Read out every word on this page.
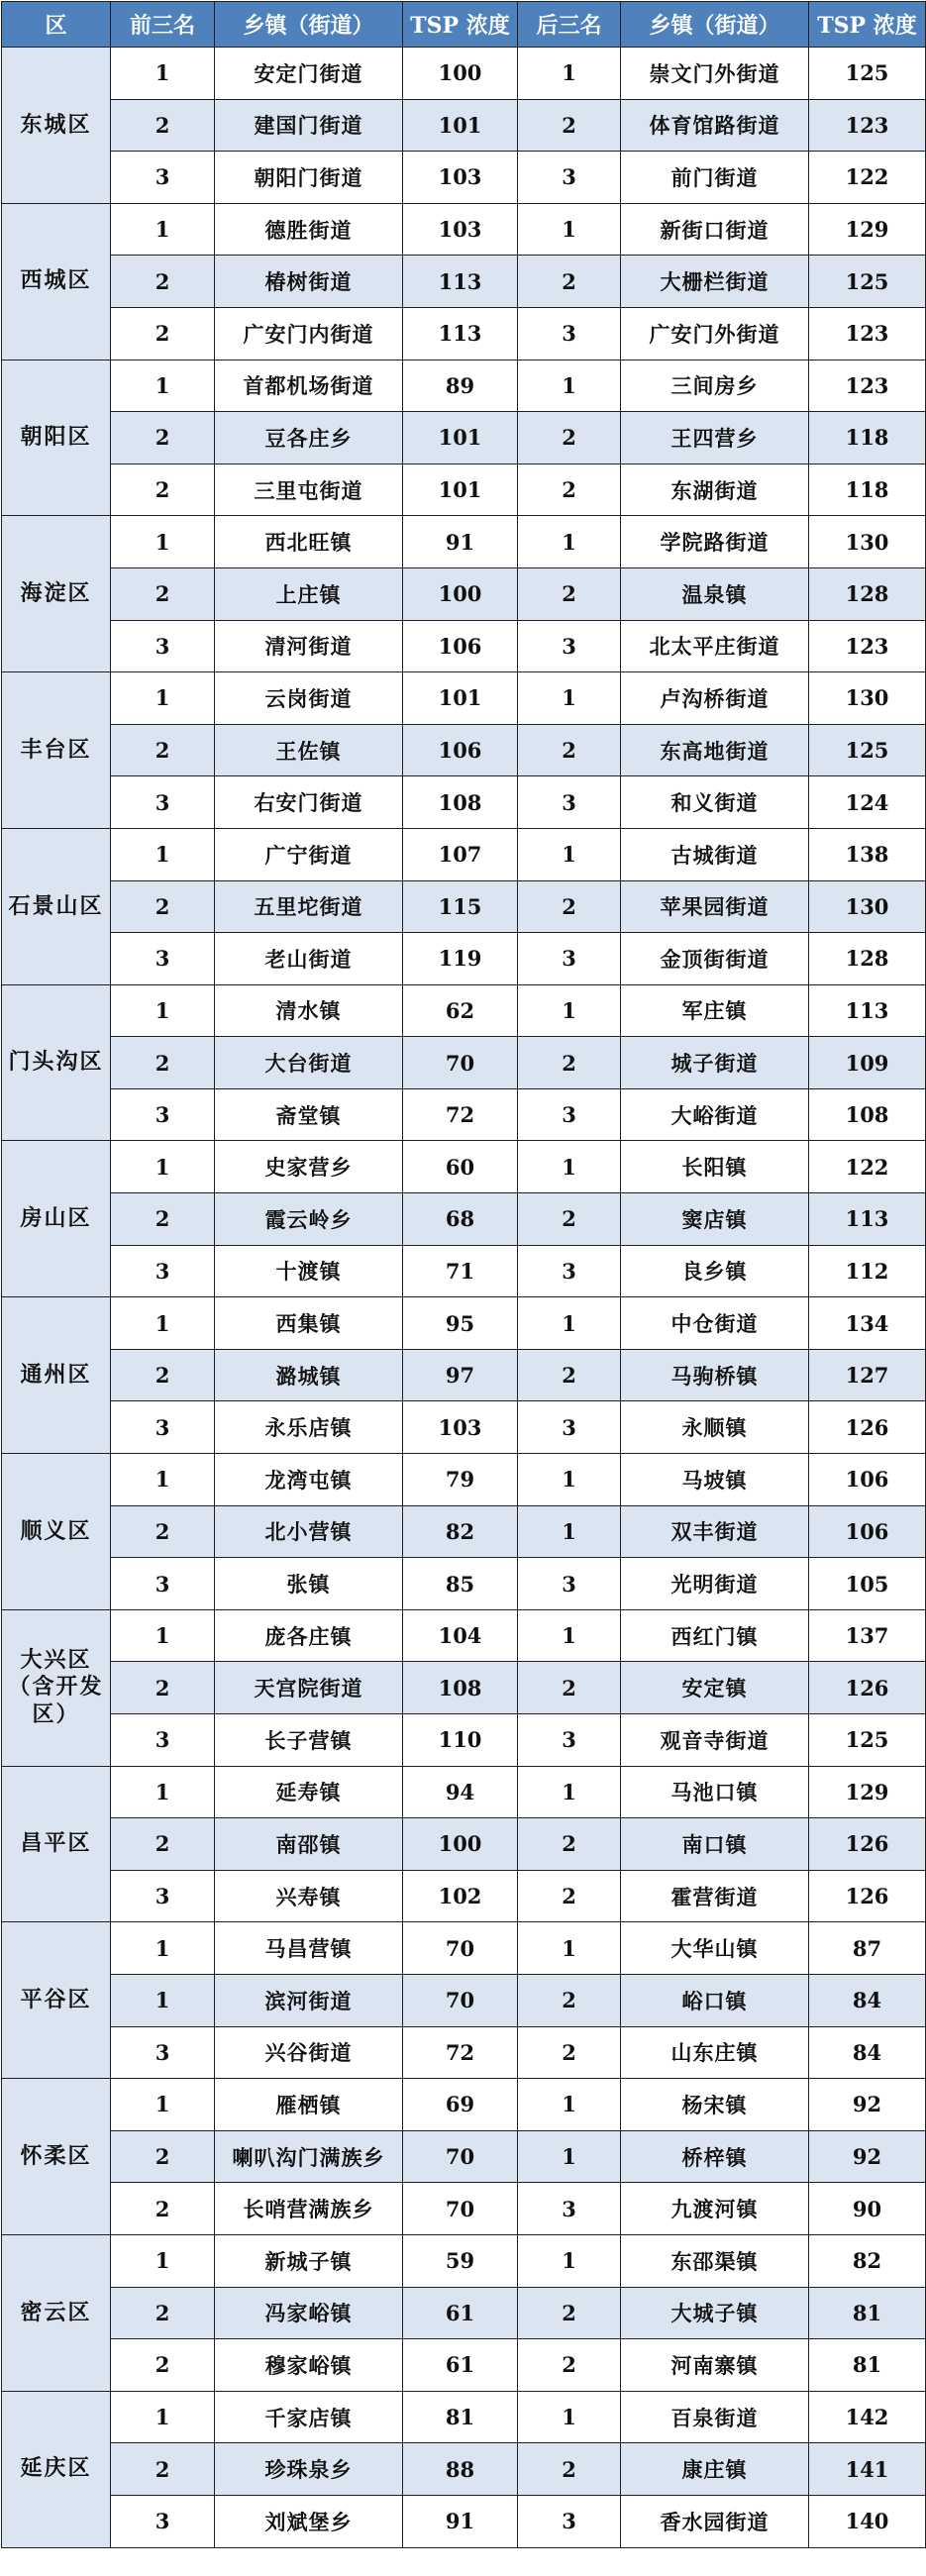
区	前三名	乡镇（街道）	TSP 浓度	后三名	乡镇（街道）	TSP 浓度
东城区	1	安定门街道	100	1	崇文门外街道	125
	2	建国门街道	101	2	体育馆路街道	123
	3	朝阳门街道	103	3	前门街道	122
西城区	1	德胜街道	103	1	新街口街道	129
	2	椿树街道	113	2	大栅栏街道	125
	2	广安门内街道	113	3	广安门外街道	123
朝阳区	1	首都机场街道	89	1	三间房乡	123
	2	豆各庄乡	101	2	王四营乡	118
	2	三里屯街道	101	2	东湖街道	118
海淀区	1	西北旺镇	91	1	学院路街道	130
	2	上庄镇	100	2	温泉镇	128
	3	清河街道	106	3	北太平庄街道	123
丰台区	1	云岗街道	101	1	卢沟桥街道	130
	2	王佐镇	106	2	东高地街道	125
	3	右安门街道	108	3	和义街道	124
石景山区	1	广宁街道	107	1	古城街道	138
	2	五里坨街道	115	2	苹果园街道	130
	3	老山街道	119	3	金顶街街道	128
门头沟区	1	清水镇	62	1	军庄镇	113
	2	大台街道	70	2	城子街道	109
	3	斋堂镇	72	3	大峪街道	108
房山区	1	史家营乡	60	1	长阳镇	122
	2	霞云岭乡	68	2	窦店镇	113
	3	十渡镇	71	3	良乡镇	112
通州区	1	西集镇	95	1	中仓街道	134
	2	潞城镇	97	2	马驹桥镇	127
	3	永乐店镇	103	3	永顺镇	126
顺义区	1	龙湾屯镇	79	1	马坡镇	106
	2	北小营镇	82	1	双丰街道	106
	3	张镇	85	3	光明街道	105
大兴区（含开发区）	1	庞各庄镇	104	1	西红门镇	137
	2	天宫院街道	108	2	安定镇	126
	3	长子营镇	110	3	观音寺街道	125
昌平区	1	延寿镇	94	1	马池口镇	129
	2	南邵镇	100	2	南口镇	126
	3	兴寿镇	102	2	霍营街道	126
平谷区	1	马昌营镇	70	1	大华山镇	87
	1	滨河街道	70	2	峪口镇	84
	3	兴谷街道	72	2	山东庄镇	84
怀柔区	1	雁栖镇	69	1	杨宋镇	92
	2	喇叭沟门满族乡	70	1	桥梓镇	92
	2	长哨营满族乡	70	3	九渡河镇	90
密云区	1	新城子镇	59	1	东邵渠镇	82
	2	冯家峪镇	61	2	大城子镇	81
	2	穆家峪镇	61	2	河南寨镇	81
延庆区	1	千家店镇	81	1	百泉街道	142
	2	珍珠泉乡	88	2	康庄镇	141
	3	刘斌堡乡	91	3	香水园街道	140
